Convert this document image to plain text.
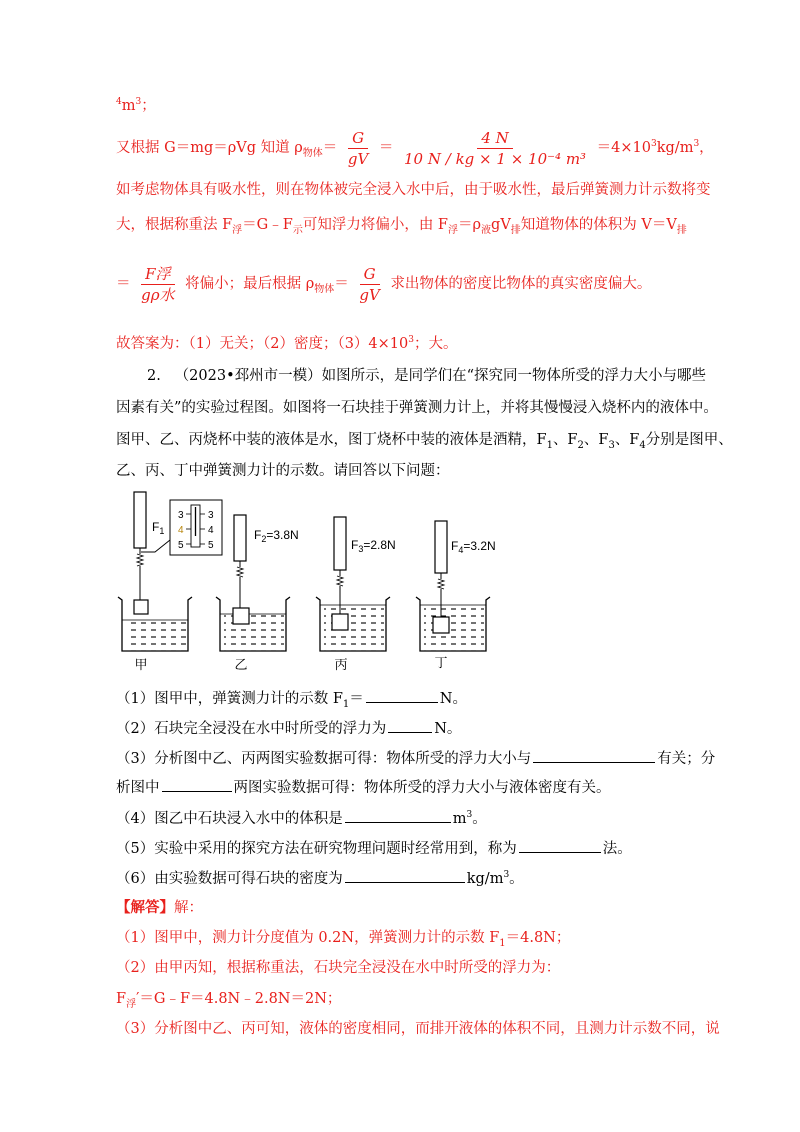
$^4m^3$；
又根据 G＝mg＝ρVg 知道 $\rho_{物体}= \frac{G}{gV} = \frac{4 N}{\text{10 N / kg × 1 × 10⁻⁴ m³}} =4\times 10^3kg/m^3$，
如考虑物体具有吸水性，则在物体被完全浸入水中后，由于吸水性，最后弹簧测力计示数将变
大，根据称重法 $F_浮=G﹣F_示$可知浮力将偏小，由 $F_浮=\rho_液gV_排$知道物体的体积为 $V=V_排$
＝ $\frac{\text{F浮}}{\text{gρ水}}$ 将偏小；最后根据 $\rho_{物体}= \frac{G}{gV}$ 求出物体的密度比物体的真实密度偏大。
故答案为：（1）无关；（2）密度；$(3)4\times 10^3$；大。
2. （2023•邳州市一模）如图所示，是同学们在“探究同一物体所受的浮力大小与哪些
因素有关”的实验过程图。如图将一石块挂于弹簧测力计上，并将其慢慢浸入烧杯内的液体中。
图甲、乙、丙烧杯中装的液体是水，图丁烧杯中装的液体是酒精，$F_1$、$F_2$、$F_3$、$F_4$分别是图甲、
乙、丙、丁中弹簧测力计的示数。请回答以下问题：
$F_1$
3
4
5
3
4
5
甲
$F_2=3.8N$
乙
$F_3=2.8N$
丙
$F_4=3.2N$
丁
（1）图甲中，弹簧测力计的示数 $F_1=$	N。
（2）石块完全浸没在水中时所受的浮力为	N。
（3）分析图中乙、丙两图实验数据可得：物体所受的浮力大小与	有关；分
析图中	两图实验数据可得：物体所受的浮力大小与液体密度有关。
（4）图乙中石块浸入水中的体积是	$m^3$。
（5）实验中采用的探究方法在研究物理问题时经常用到，称为	法。
（6）由实验数据可得石块的密度为	$kg/m^3$。
【解答】解：
（1）图甲中，测力计分度值为 0.2N，弹簧测力计的示数 $F_1=4.8N$；
（2）由甲丙知，根据称重法，石块完全浸没在水中时所受的浮力为：
$F_浮'=G﹣F=4.8N﹣2.8N=2N$；
（3）分析图中乙、丙可知，液体的密度相同，而排开液体的体积不同，且测力计示数不同，说
